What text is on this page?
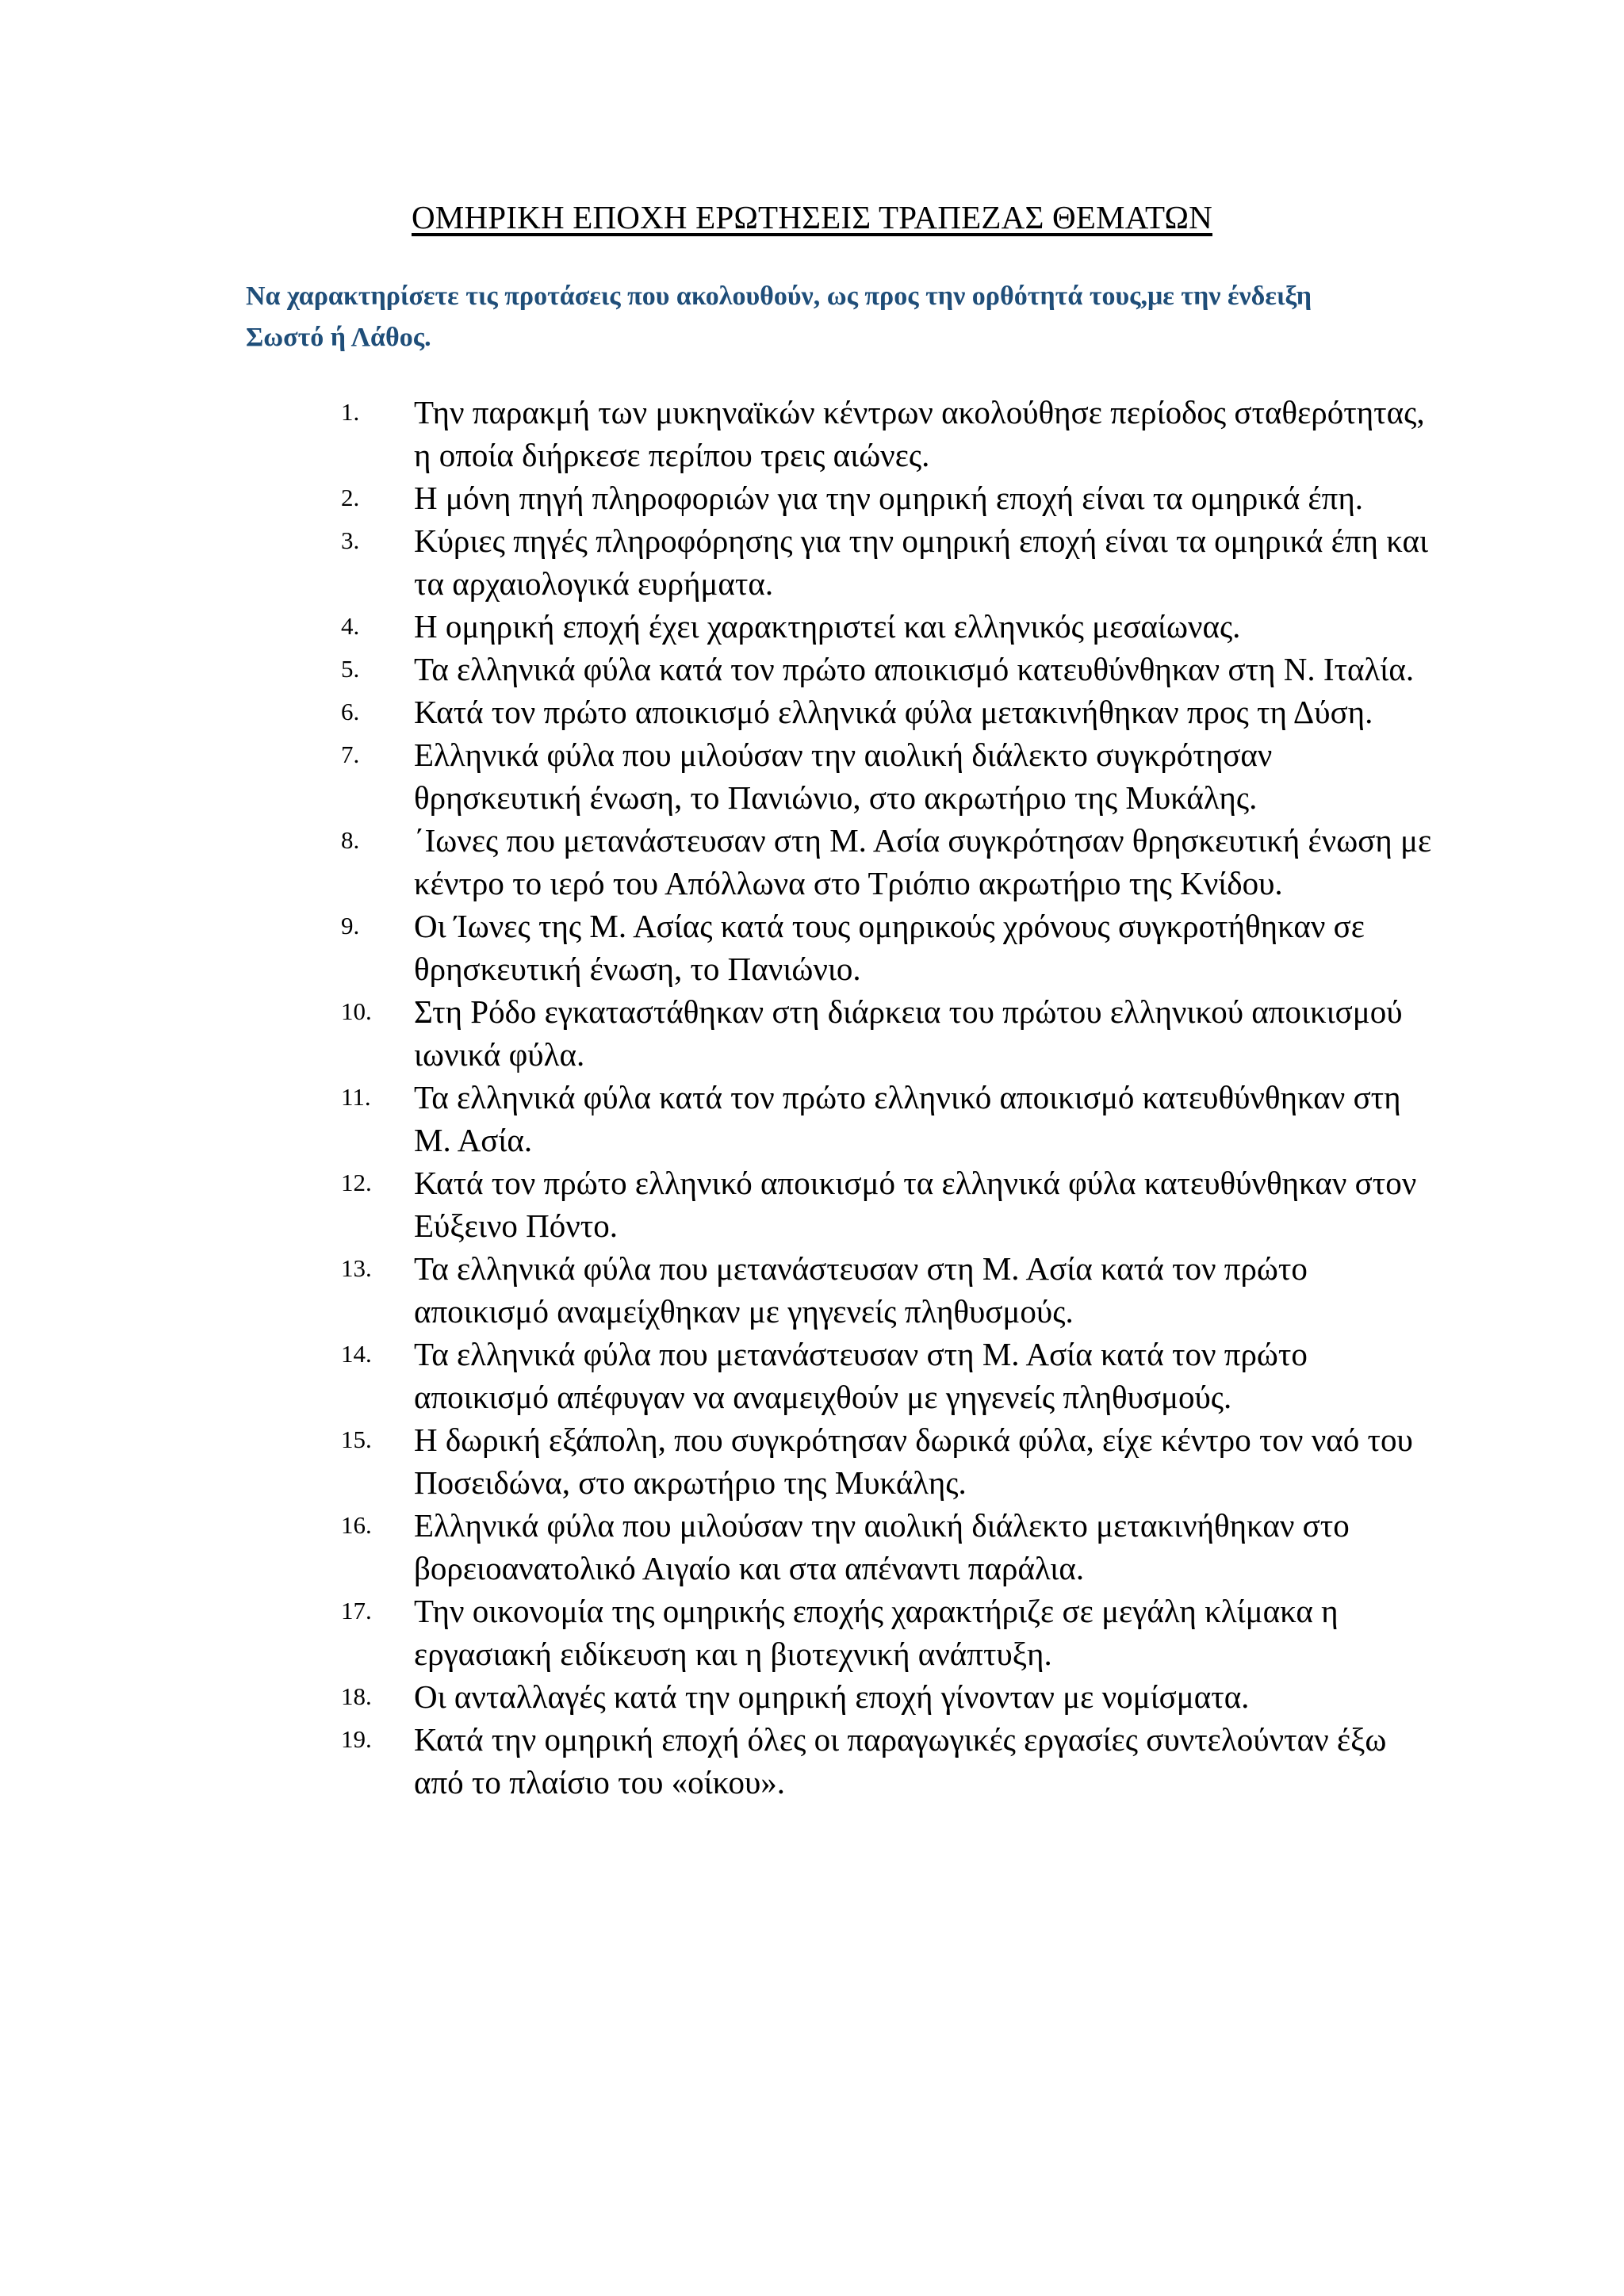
ΟΜΗΡΙΚΗ ΕΠΟΧΗ ΕΡΩΤΗΣΕΙΣ ΤΡΑΠΕΖΑΣ ΘΕΜΑΤΩΝ

Να χαρακτηρίσετε τις προτάσεις που ακολουθούν, ως προς την ορθότητά τους,με την ένδειξη Σωστό ή Λάθος.

1.	Την παρακμή των μυκηναϊκών κέντρων ακολούθησε περίοδος σταθερότητας, η οποία διήρκεσε περίπου τρεις αιώνες.
2.	Η μόνη πηγή πληροφοριών για την ομηρική εποχή είναι τα ομηρικά έπη.
3.	Κύριες πηγές πληροφόρησης για την ομηρική εποχή είναι τα ομηρικά έπη και τα αρχαιολογικά ευρήματα.
4.	Η ομηρική εποχή έχει χαρακτηριστεί και ελληνικός μεσαίωνας.
5.	Τα ελληνικά φύλα κατά τον πρώτο αποικισμό κατευθύνθηκαν στη Ν. Ιταλία.
6.	Κατά τον πρώτο αποικισμό ελληνικά φύλα μετακινήθηκαν προς τη Δύση.
7.	Ελληνικά φύλα που μιλούσαν την αιολική διάλεκτο συγκρότησαν θρησκευτική ένωση, το Πανιώνιο, στο ακρωτήριο της Μυκάλης.
8.	΄Ιωνες που μετανάστευσαν στη Μ. Ασία συγκρότησαν θρησκευτική ένωση με κέντρο το ιερό του Απόλλωνα στο Τριόπιο ακρωτήριο της Κνίδου.
9.	Οι Ίωνες της Μ. Ασίας κατά τους ομηρικούς χρόνους συγκροτήθηκαν σε θρησκευτική ένωση, το Πανιώνιο.
10.	Στη Ρόδο εγκαταστάθηκαν στη διάρκεια του πρώτου ελληνικού αποικισμού ιωνικά φύλα.
11.	Τα ελληνικά φύλα κατά τον πρώτο ελληνικό αποικισμό κατευθύνθηκαν στη Μ. Ασία.
12.	Κατά τον πρώτο ελληνικό αποικισμό τα ελληνικά φύλα κατευθύνθηκαν στον Εύξεινο Πόντο.
13.	Τα ελληνικά φύλα που μετανάστευσαν στη Μ. Ασία κατά τον πρώτο αποικισμό αναμείχθηκαν με γηγενείς πληθυσμούς.
14.	Τα ελληνικά φύλα που μετανάστευσαν στη Μ. Ασία κατά τον πρώτο αποικισμό απέφυγαν να αναμειχθούν με γηγενείς πληθυσμούς.
15.	Η δωρική εξάπολη, που συγκρότησαν δωρικά φύλα, είχε κέντρο τον ναό του Ποσειδώνα, στο ακρωτήριο της Μυκάλης.
16.	Ελληνικά φύλα που μιλούσαν την αιολική διάλεκτο μετακινήθηκαν στο βορειοανατολικό Αιγαίο και στα απέναντι παράλια.
17.	Την οικονομία της ομηρικής εποχής χαρακτήριζε σε μεγάλη κλίμακα η εργασιακή ειδίκευση και η βιοτεχνική ανάπτυξη.
18.	Οι ανταλλαγές κατά την ομηρική εποχή γίνονταν με νομίσματα.
19.	Κατά την ομηρική εποχή όλες οι παραγωγικές εργασίες συντελούνταν έξω από το πλαίσιο του «οίκου».
